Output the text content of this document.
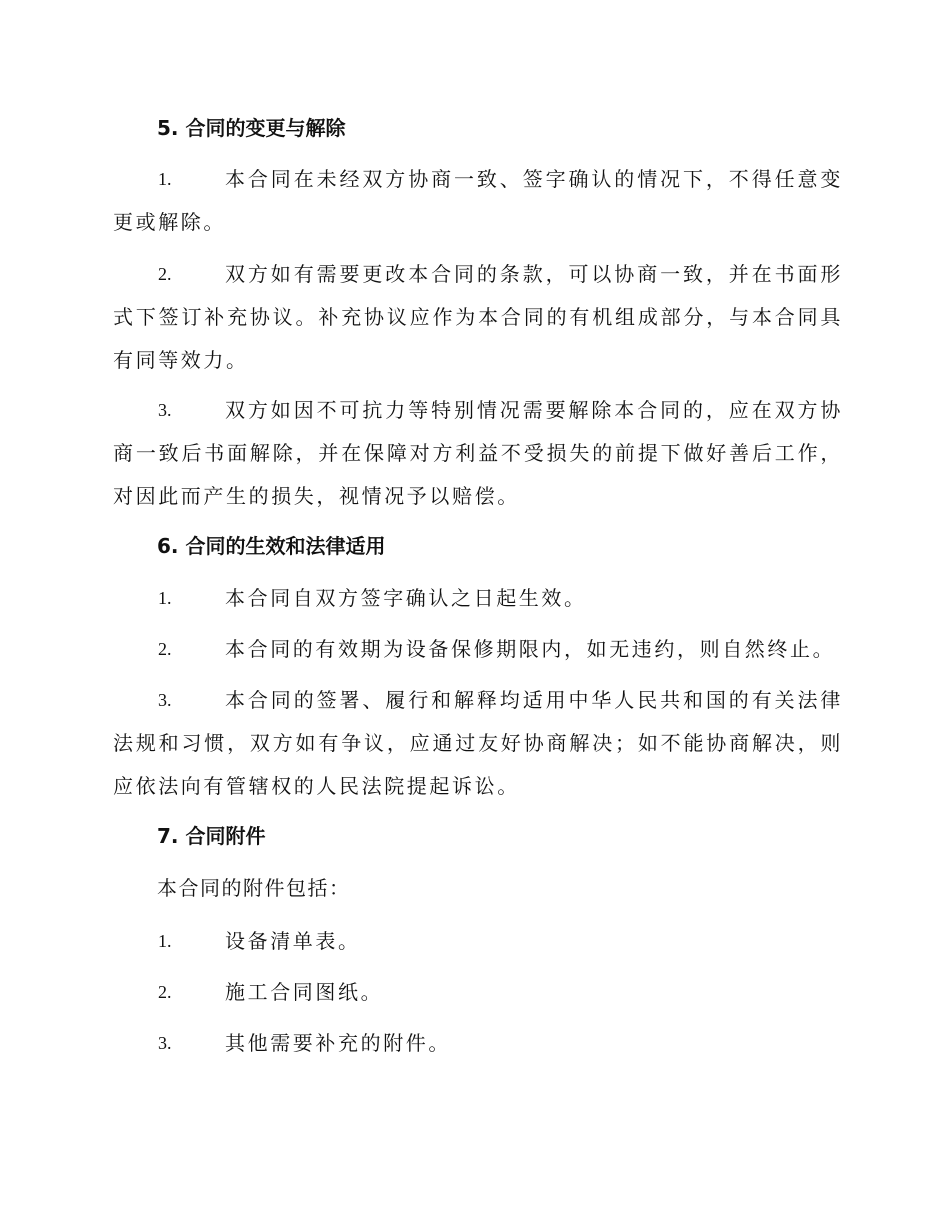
5. 合同的变更与解除
1.	本合同在未经双方协商一致、签字确认的情况下，不得任意变更或解除。

2.	双方如有需要更改本合同的条款，可以协商一致，并在书面形式下签订补充协议。补充协议应作为本合同的有机组成部分，与本合同具有同等效力。

3.	双方如因不可抗力等特别情况需要解除本合同的，应在双方协商一致后书面解除，并在保障对方利益不受损失的前提下做好善后工作，对因此而产生的损失，视情况予以赔偿。

6. 合同的生效和法律适用
1.	本合同自双方签字确认之日起生效。

2.	本合同的有效期为设备保修期限内，如无违约，则自然终止。

3.	本合同的签署、履行和解释均适用中华人民共和国的有关法律法规和习惯，双方如有争议，应通过友好协商解决；如不能协商解决，则应依法向有管辖权的人民法院提起诉讼。

7. 合同附件
本合同的附件包括：
1.	设备清单表。

2.	施工合同图纸。

3.	其他需要补充的附件。
